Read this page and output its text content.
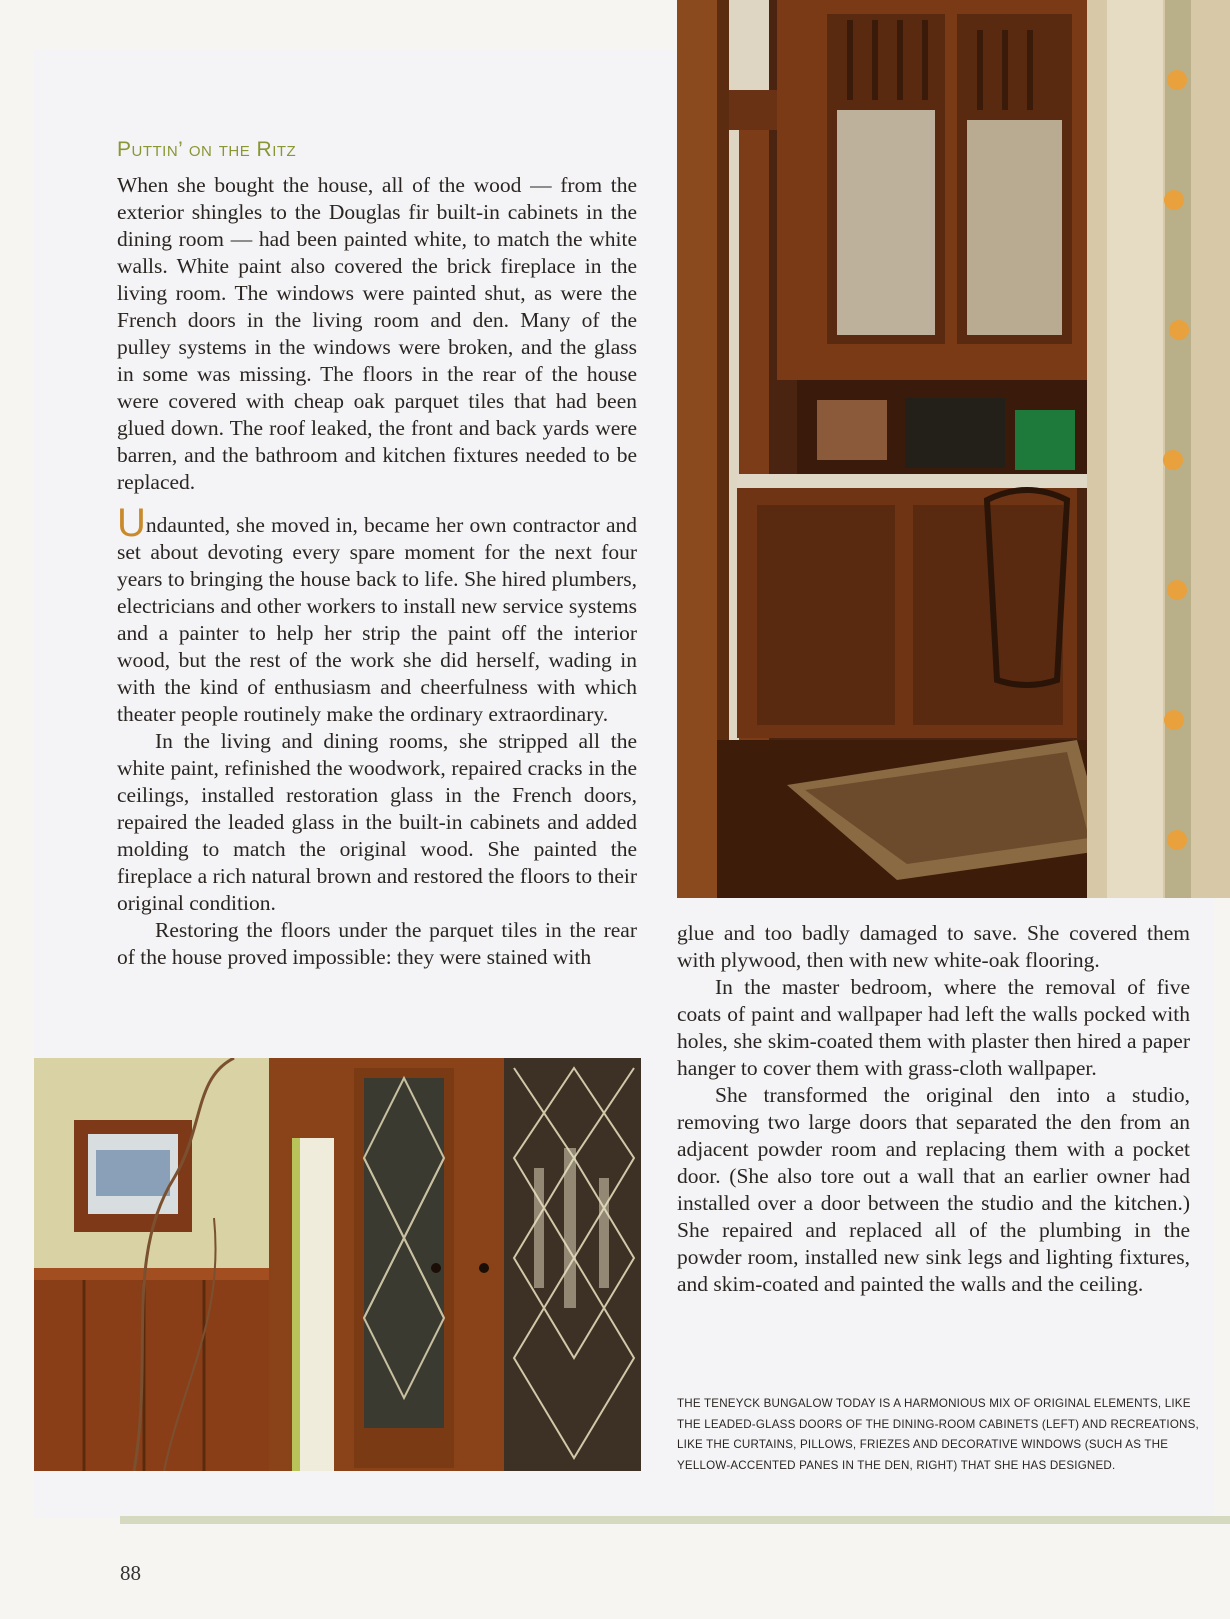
Puttin’ on the Ritz

When she bought the house, all of the wood — from the exterior shingles to the Douglas fir built-in cabinets in the dining room — had been painted white, to match the white walls. White paint also covered the brick fireplace in the living room. The windows were painted shut, as were the French doors in the living room and den. Many of the pulley systems in the windows were broken, and the glass in some was missing. The floors in the rear of the house were covered with cheap oak parquet tiles that had been glued down. The roof leaked, the front and back yards were barren, and the bathroom and kitchen fixtures needed to be replaced.

Undaunted, she moved in, became her own contractor and set about devoting every spare moment for the next four years to bringing the house back to life. She hired plumbers, electricians and other workers to install new service systems and a painter to help her strip the paint off the interior wood, but the rest of the work she did herself, wading in with the kind of enthusiasm and cheerfulness with which theater people routinely make the ordinary extraordinary.

In the living and dining rooms, she stripped all the white paint, refinished the woodwork, repaired cracks in the ceilings, installed restoration glass in the French doors, repaired the leaded glass in the built-in cabinets and added molding to match the original wood. She painted the fireplace a rich natural brown and restored the floors to their original condition.

Restoring the floors under the parquet tiles in the rear of the house proved impossible: they were stained with

glue and too badly damaged to save. She covered them with plywood, then with new white-oak flooring.

In the master bedroom, where the removal of five coats of paint and wallpaper had left the walls pocked with holes, she skim-coated them with plaster then hired a paper hanger to cover them with grass-cloth wallpaper.

She transformed the original den into a studio, removing two large doors that separated the den from an adjacent powder room and replacing them with a pocket door. (She also tore out a wall that an earlier owner had installed over a door between the studio and the kitchen.) She repaired and replaced all of the plumbing in the powder room, installed new sink legs and lighting fixtures, and skim-coated and painted the walls and the ceiling.

THE TENEYCK BUNGALOW TODAY IS A HARMONIOUS MIX OF ORIGINAL ELEMENTS, LIKE THE LEADED-GLASS DOORS OF THE DINING-ROOM CABINETS (LEFT) AND RECREATIONS, LIKE THE CURTAINS, PILLOWS, FRIEZES AND DECORATIVE WINDOWS (SUCH AS THE YELLOW-ACCENTED PANES IN THE DEN, RIGHT) THAT SHE HAS DESIGNED.
88
